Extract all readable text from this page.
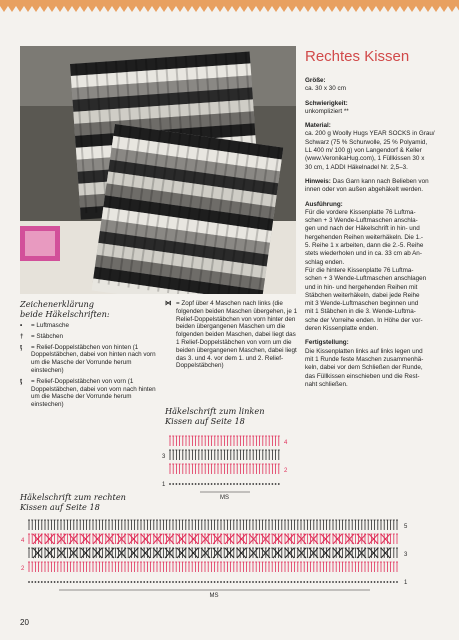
Rechtes Kissen
Größe:
ca. 30 x 30 cm

Schwierigkeit:
unkompliziert **

Material:
ca. 200 g Woolly Hugs YEAR SOCKS in Grau/
Schwarz (75 % Schurwolle, 25 % Polyamid,
LL 400 m/ 100 g) von Langendorf & Keller
(www.VeronikaHug.com), 1 Füllkissen 30 x
30 cm, 1 ADDI Häkelnadel Nr. 2,5–3.

Hinweis: Das Garn kann nach Belieben von
innen oder von außen abgehäkelt werden.

Ausführung:
Für die vordere Kissenplatte 76 Luftma-
schen + 3 Wende-Luftmaschen anschla-
gen und nach der Häkelschrift in hin- und
hergehenden Reihen weiterhäkeln. Die 1.-
5. Reihe 1 x arbeiten, dann die 2.-5. Reihe
stets wiederholen und in ca. 33 cm ab An-
schlag enden.
Für die hintere Kissenplatte 76 Luftma-
schen + 3 Wende-Luftmaschen anschlagen
und in hin- und hergehenden Reihen mit
Stäbchen weiterhäkeln, dabei jede Reihe
mit 3 Wende-Luftmaschen beginnen und
mit 1 Stäbchen in die 3. Wende-Luftma-
sche der Vorreihe enden. In Höhe der vor-
deren Kissenplatte enden.

Fertigstellung:
Die Kissenplatten links auf links legen und
mit 1 Runde feste Maschen zusammenhä-
keln, dabei vor dem Schließen der Runde,
das Füllkissen einschieben und die Rest-
naht schließen.

Zeichenerklärung
beide Häkelschriften:
•	= Luftmasche
†	= Stäbchen
ţ	= Relief-Doppelstäbchen von hinten (1 Doppelstäbchen, dabei von hinten nach vorn um die Masche der Vorrunde herum einstechen)
ƫ	= Relief-Doppelstäbchen von vorn (1 Doppelstäbchen, dabei von vorn nach hinten um die Masche der Vorrunde herum einstechen)
⋈ = Zopf über 4 Maschen nach links (die folgenden beiden Maschen übergehen, je 1 Relief-Doppelstäbchen von vorn hinter den beiden übergangenen Maschen um die folgenden beiden Maschen, dabei liegt das 1 Relief-Doppelstäbchen von vorn um die beiden übergangenen Maschen, dabei liegt das 3. und 4. vor dem 1. und 2. Relief-Doppelstäbchen)
Häkelschrift zum linken
Kissen auf Seite 18
4
3
2
1
MS
Häkelschrift zum rechten
Kissen auf Seite 18
5
4
3
2
1
MS
20
